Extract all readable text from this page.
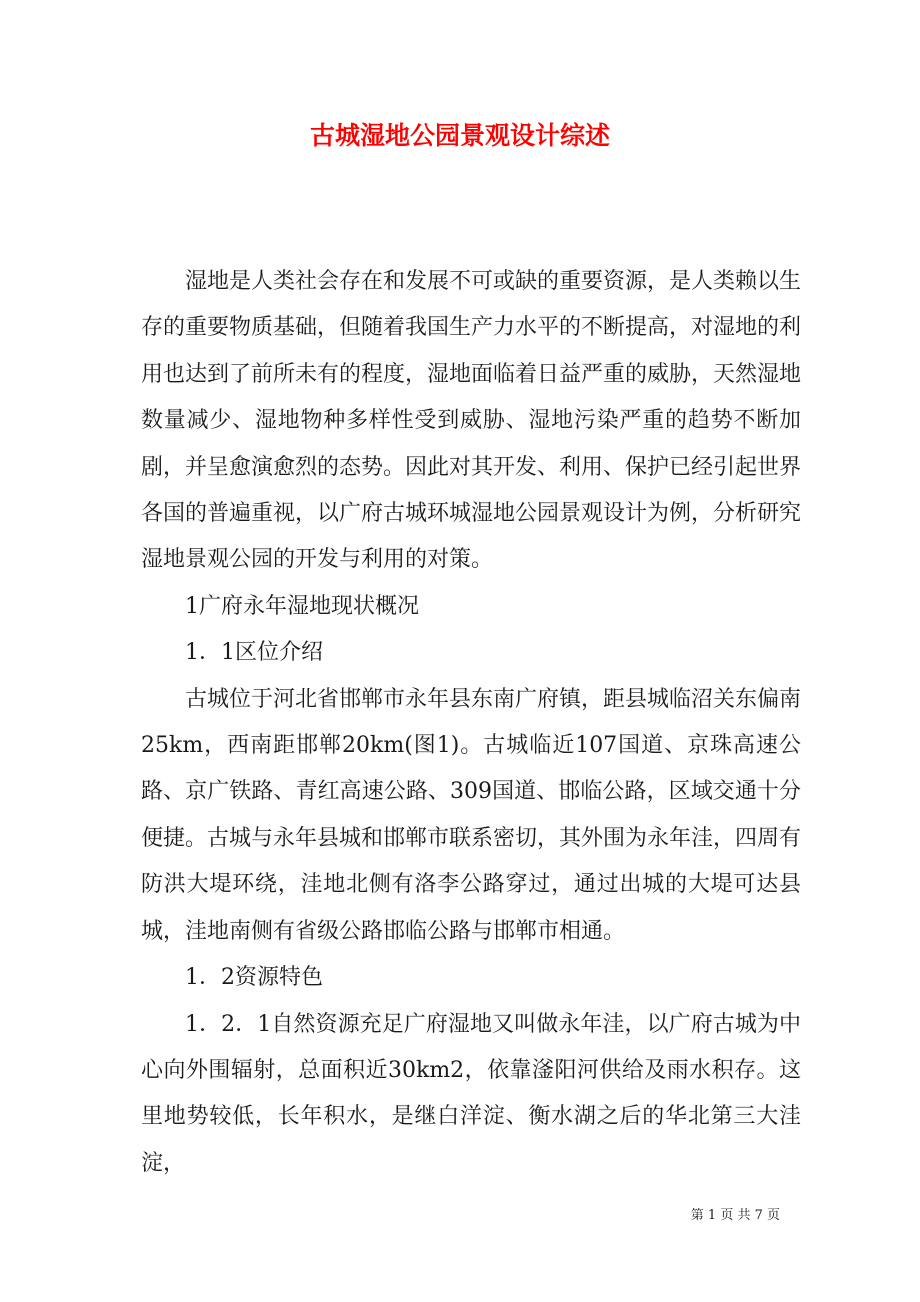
古城湿地公园景观设计综述

湿地是人类社会存在和发展不可或缺的重要资源，是人类赖以生存的重要物质基础，但随着我国生产力水平的不断提高，对湿地的利用也达到了前所未有的程度，湿地面临着日益严重的威胁，天然湿地数量减少、湿地物种多样性受到威胁、湿地污染严重的趋势不断加剧，并呈愈演愈烈的态势。因此对其开发、利用、保护已经引起世界各国的普遍重视，以广府古城环城湿地公园景观设计为例，分析研究湿地景观公园的开发与利用的对策。

1广府永年湿地现状概况

1．1区位介绍

古城位于河北省邯郸市永年县东南广府镇，距县城临沼关东偏南25km，西南距邯郸20km(图1)。古城临近107国道、京珠高速公路、京广铁路、青红高速公路、309国道、邯临公路，区域交通十分便捷。古城与永年县城和邯郸市联系密切，其外围为永年洼，四周有防洪大堤环绕，洼地北侧有洛李公路穿过，通过出城的大堤可达县城，洼地南侧有省级公路邯临公路与邯郸市相通。

1．2资源特色

1．2．1自然资源充足广府湿地又叫做永年洼，以广府古城为中心向外围辐射，总面积近30km2，依靠滏阳河供给及雨水积存。这里地势较低，长年积水，是继白洋淀、衡水湖之后的华北第三大洼淀，

第 1 页 共 7 页
